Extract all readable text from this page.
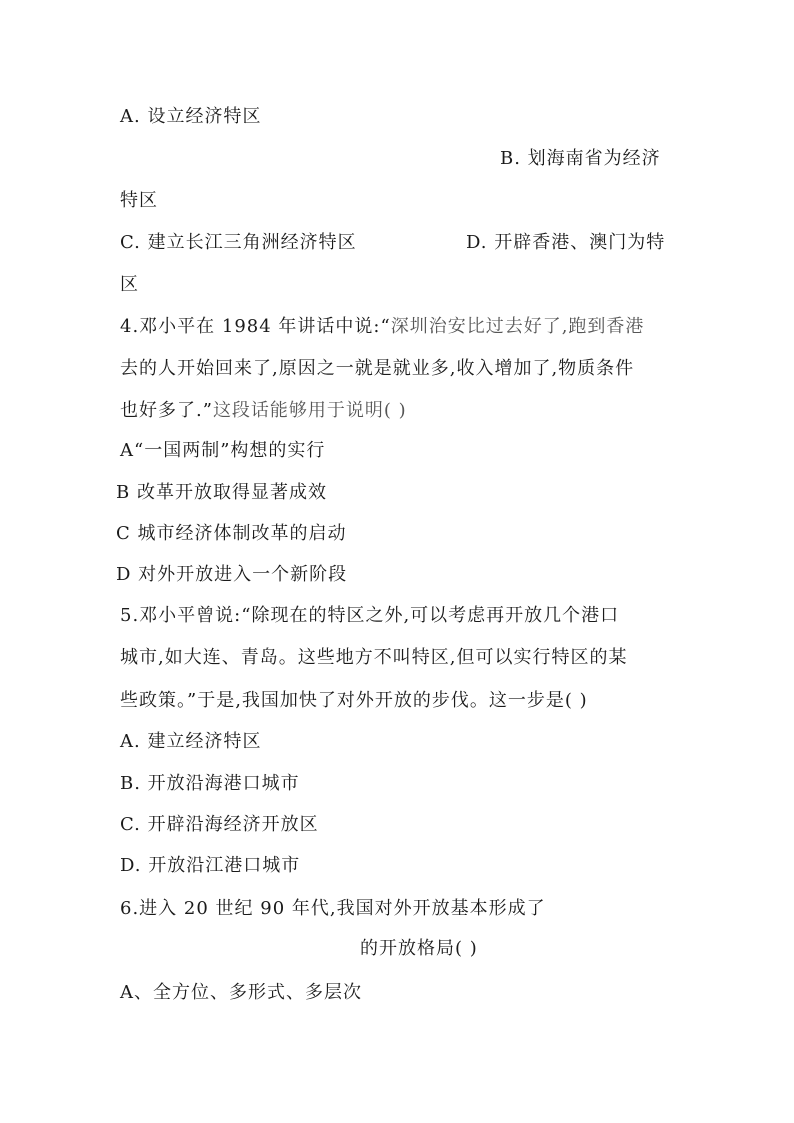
A. 设立经济特区
B. 划海南省为经济
特区
C. 建立长江三角洲经济特区	D. 开辟香港、澳门为特
区
4.邓小平在 1984 年讲话中说:“深圳治安比过去好了,跑到香港
去的人开始回来了,原因之一就是就业多,收入增加了,物质条件
也好多了.”这段话能够用于说明( )
A“一国两制”构想的实行
B 改革开放取得显著成效
C 城市经济体制改革的启动
D 对外开放进入一个新阶段
5.邓小平曾说:“除现在的特区之外,可以考虑再开放几个港口
城市,如大连、青岛。这些地方不叫特区,但可以实行特区的某
些政策。”于是,我国加快了对外开放的步伐。这一步是( )
A. 建立经济特区
B. 开放沿海港口城市
C. 开辟沿海经济开放区
D. 开放沿江港口城市
6.进入 20 世纪 90 年代,我国对外开放基本形成了
的开放格局( )
A、全方位、多形式、多层次
